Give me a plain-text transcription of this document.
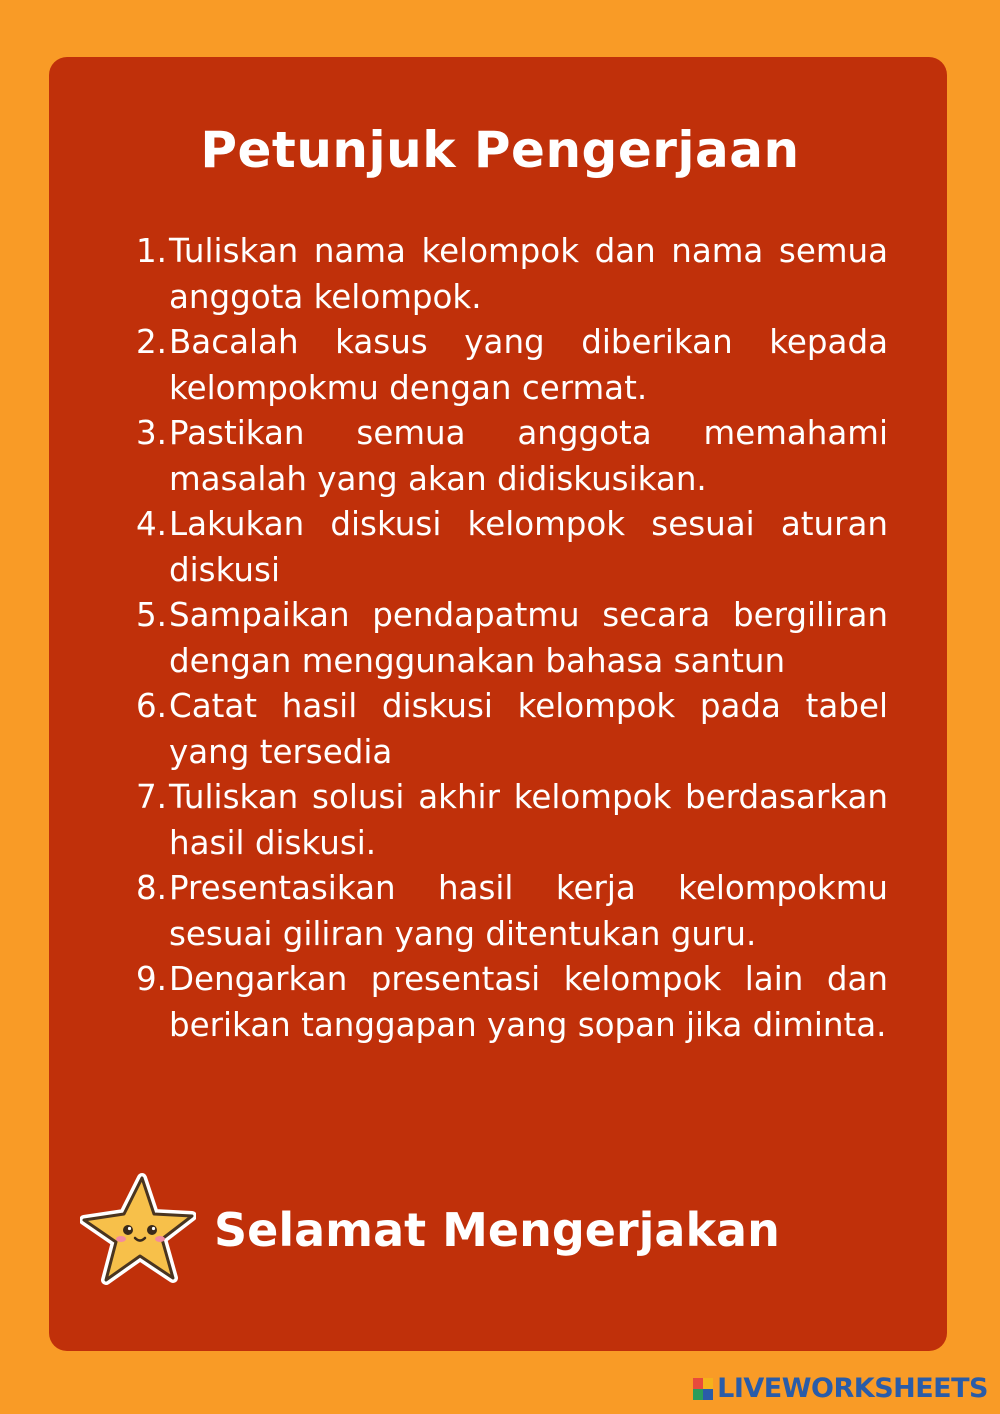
Petunjuk Pengerjaan
1. Tuliskan nama kelompok dan nama semua anggota kelompok.
2. Bacalah kasus yang diberikan kepada kelompokmu dengan cermat.
3. Pastikan semua anggota memahami masalah yang akan didiskusikan.
4. Lakukan diskusi kelompok sesuai aturan diskusi
5. Sampaikan pendapatmu secara bergiliran dengan menggunakan bahasa santun
6. Catat hasil diskusi kelompok pada tabel yang tersedia
7. Tuliskan solusi akhir kelompok berdasarkan hasil diskusi.
8. Presentasikan hasil kerja kelompokmu sesuai giliran yang ditentukan guru.
9. Dengarkan presentasi kelompok lain dan berikan tanggapan yang sopan jika diminta.
Selamat Mengerjakan
LIVEWORKSHEETS
